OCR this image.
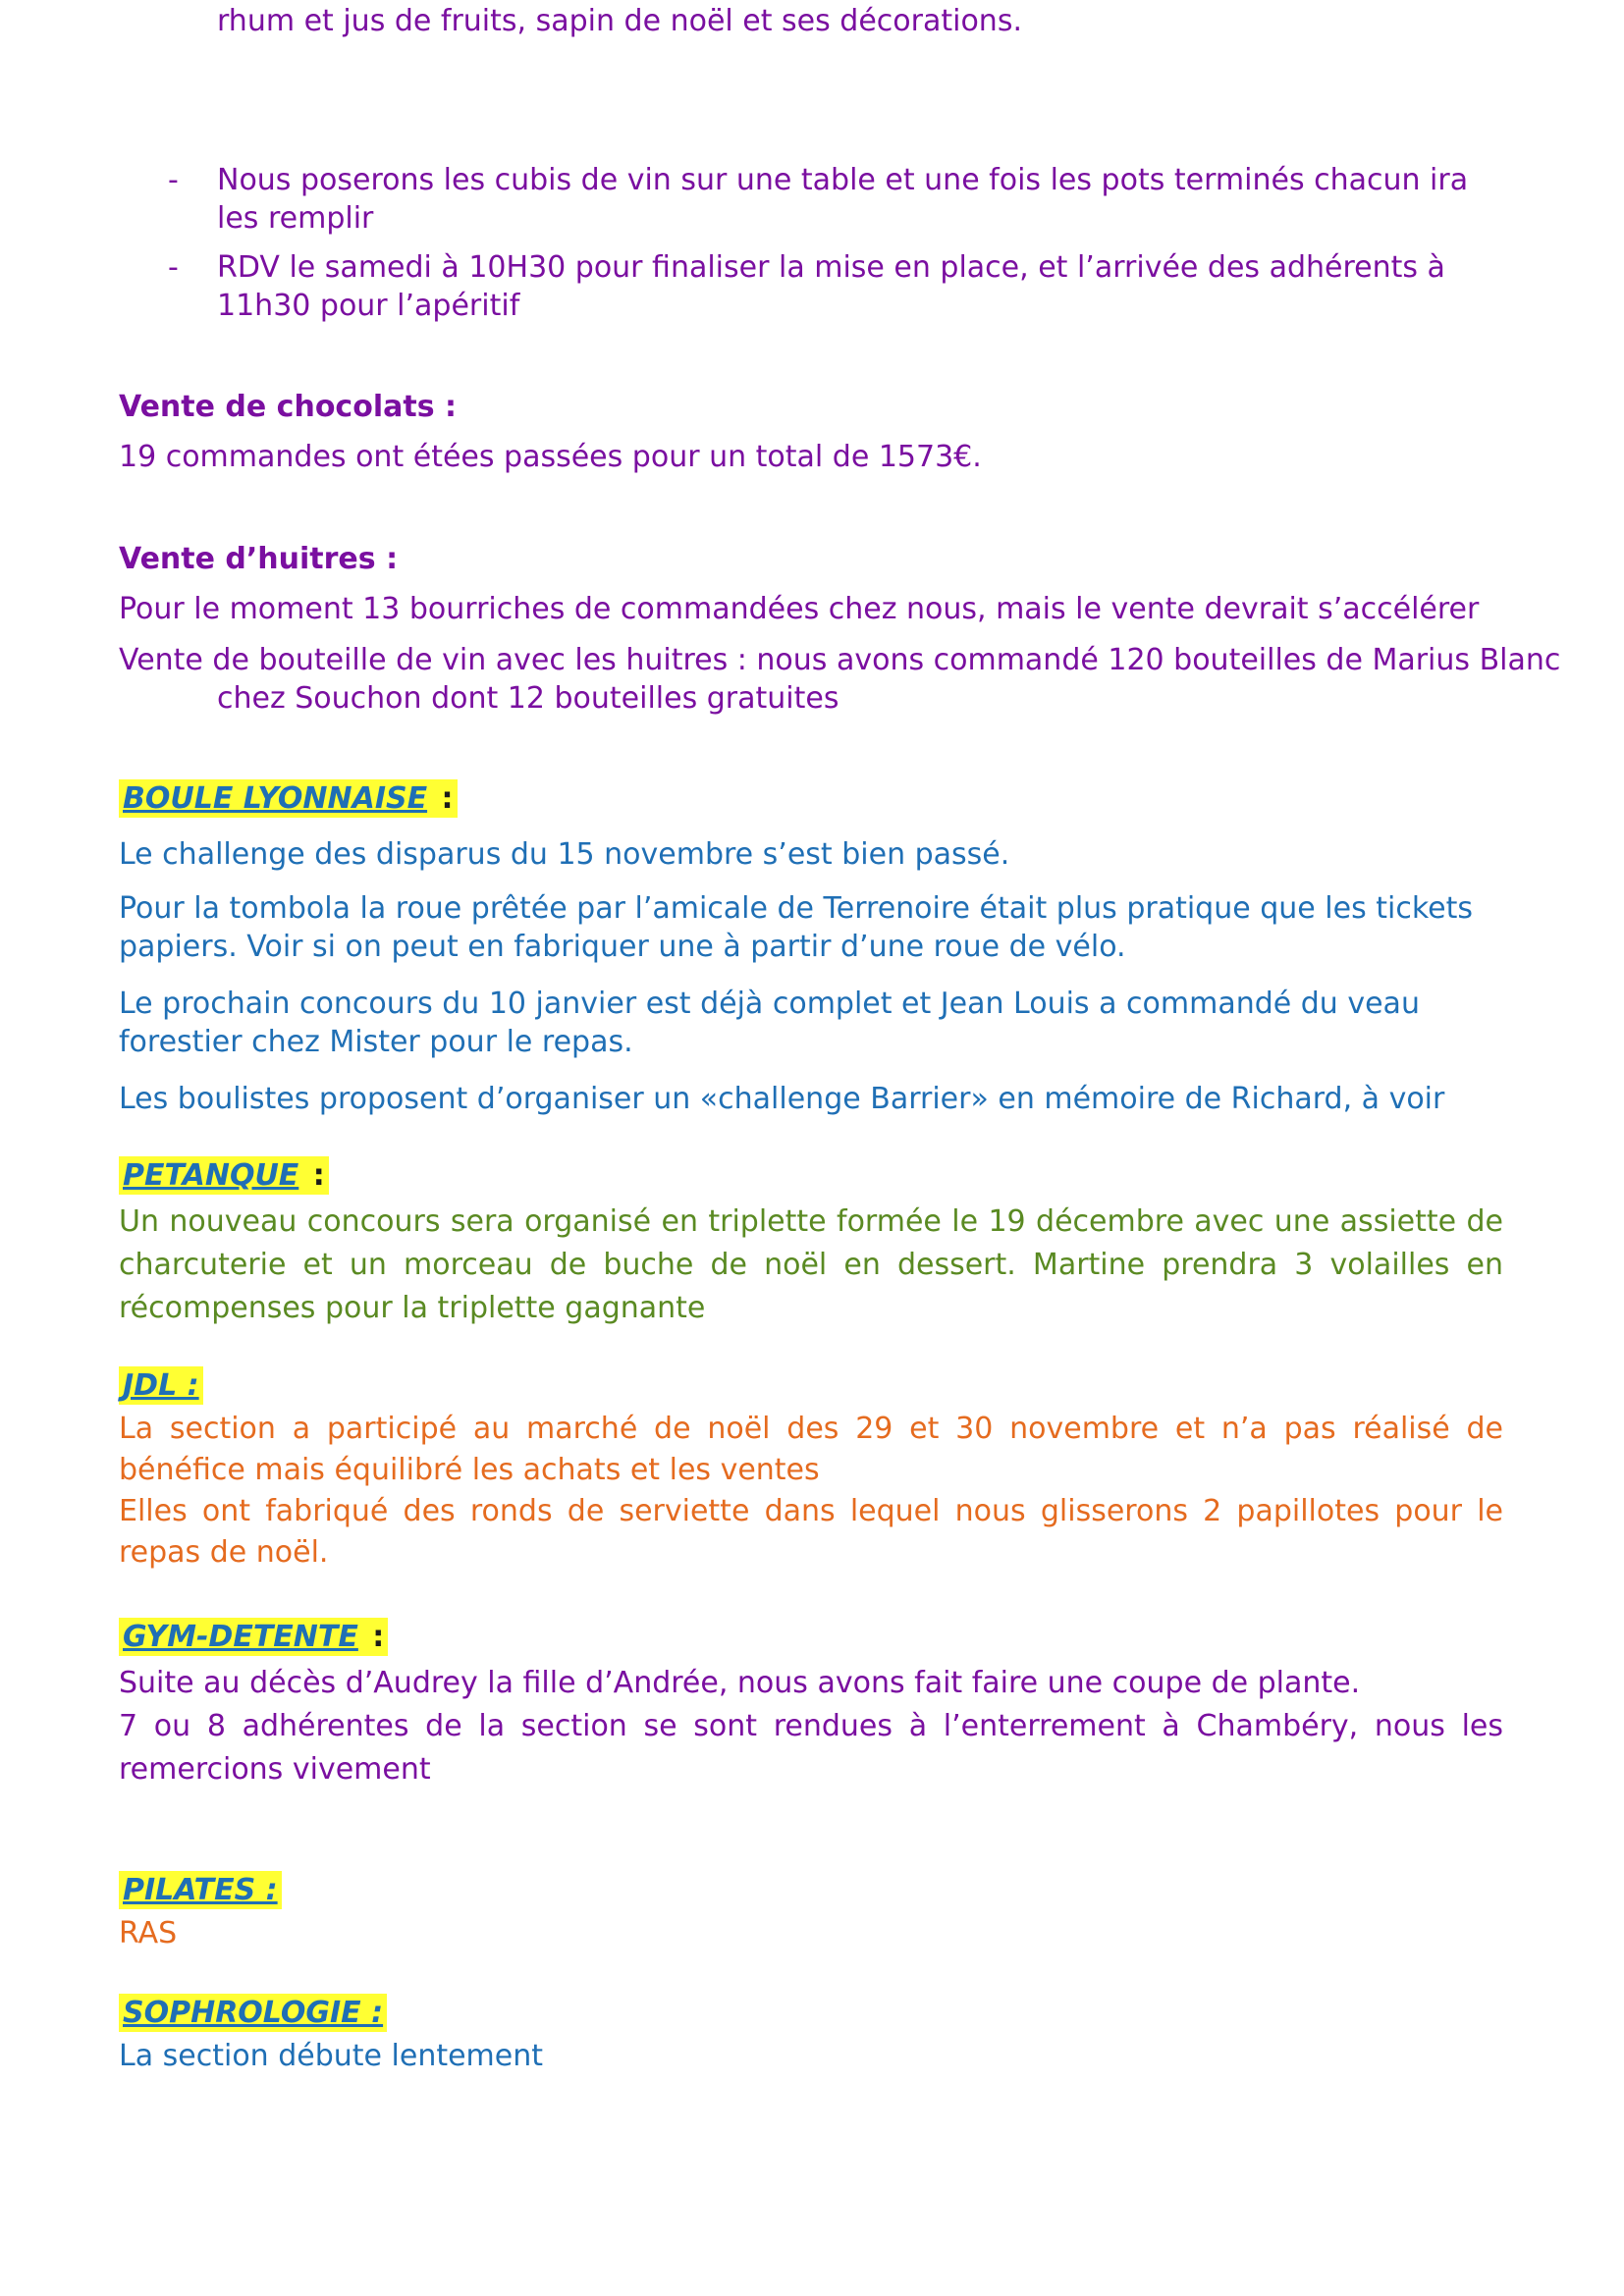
rhum et jus de fruits, sapin de noël et ses décorations.

- Nous poserons les cubis de vin sur une table et une fois les pots terminés chacun ira les remplir
- RDV le samedi à 10H30 pour finaliser la mise en place, et l’arrivée des adhérents à 11h30 pour l’apéritif

Vente de chocolats :

19 commandes ont étées passées pour un total de 1573€.

Vente d’huitres :

Pour le moment 13 bourriches de commandées chez nous, mais le vente devrait s’accélérer

Vente de bouteille de vin avec les huitres : nous avons commandé 120 bouteilles de Marius Blanc chez Souchon dont 12 bouteilles gratuites

BOULE LYONNAISE :

Le challenge des disparus du 15 novembre s’est bien passé.

Pour la tombola la roue prêtée par l’amicale de Terrenoire était plus pratique que les tickets papiers. Voir si on peut en fabriquer une à partir d’une roue de vélo.

Le prochain concours du 10 janvier est déjà complet et Jean Louis a commandé du veau forestier chez Mister pour le repas.

Les boulistes proposent d’organiser un «challenge Barrier» en mémoire de Richard, à voir

PETANQUE :

Un nouveau concours sera organisé en triplette formée le 19 décembre avec une assiette de charcuterie et un morceau de buche de noël en dessert. Martine prendra 3 volailles en récompenses pour la triplette gagnante

JDL :

La section a participé au marché de noël des 29 et 30 novembre et n’a pas réalisé de bénéfice mais équilibré les achats et les ventes

Elles ont fabriqué des ronds de serviette dans lequel nous glisserons 2 papillotes pour le repas de noël.

GYM-DETENTE :

Suite au décès d’Audrey la fille d’Andrée, nous avons fait faire une coupe de plante.

7 ou 8 adhérentes de la section se sont rendues à l’enterrement à Chambéry, nous les remercions vivement

PILATES :

RAS

SOPHROLOGIE :

La section débute lentement
